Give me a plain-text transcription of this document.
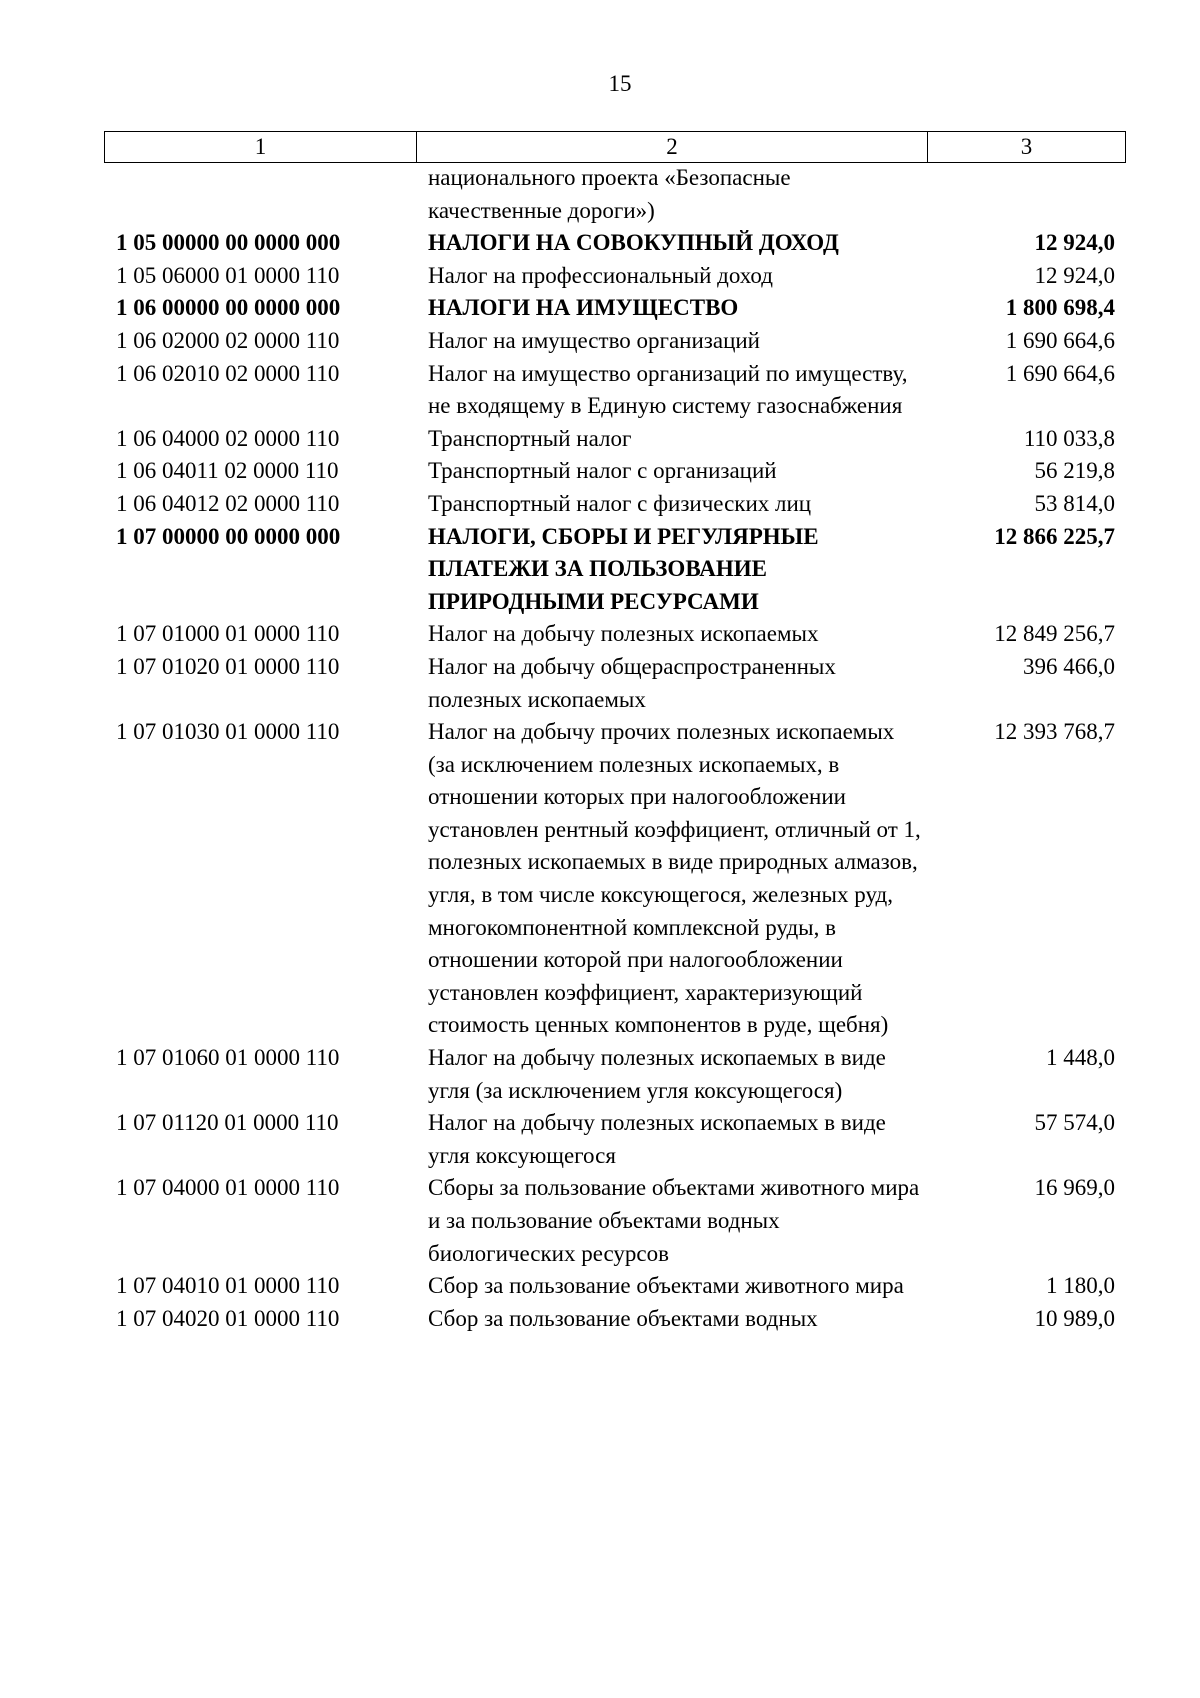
15
1	2	3
	национального проекта «Безопасные качественные дороги»)	
1 05 00000 00 0000 000	НАЛОГИ НА СОВОКУПНЫЙ ДОХОД	12 924,0
1 05 06000 01 0000 110	Налог на профессиональный доход	12 924,0
1 06 00000 00 0000 000	НАЛОГИ НА ИМУЩЕСТВО	1 800 698,4
1 06 02000 02 0000 110	Налог на имущество организаций	1 690 664,6
1 06 02010 02 0000 110	Налог на имущество организаций по имуществу, не входящему в Единую систему газоснабжения	1 690 664,6
1 06 04000 02 0000 110	Транспортный налог	110 033,8
1 06 04011 02 0000 110	Транспортный налог с организаций	56 219,8
1 06 04012 02 0000 110	Транспортный налог с физических лиц	53 814,0
1 07 00000 00 0000 000	НАЛОГИ, СБОРЫ И РЕГУЛЯРНЫЕ ПЛАТЕЖИ ЗА ПОЛЬЗОВАНИЕ ПРИРОДНЫМИ РЕСУРСАМИ	12 866 225,7
1 07 01000 01 0000 110	Налог на добычу полезных ископаемых	12 849 256,7
1 07 01020 01 0000 110	Налог на добычу общераспространенных полезных ископаемых	396 466,0
1 07 01030 01 0000 110	Налог на добычу прочих полезных ископаемых (за исключением полезных ископаемых, в отношении которых при налогообложении установлен рентный коэффициент, отличный от 1, полезных ископаемых в виде природных алмазов, угля, в том числе коксующегося, железных руд, многокомпонентной комплексной руды, в отношении которой при налогообложении установлен коэффициент, характеризующий стоимость ценных компонентов в руде, щебня)	12 393 768,7
1 07 01060 01 0000 110	Налог на добычу полезных ископаемых в виде угля (за исключением угля коксующегося)	1 448,0
1 07 01120 01 0000 110	Налог на добычу полезных ископаемых в виде угля коксующегося	57 574,0
1 07 04000 01 0000 110	Сборы за пользование объектами животного мира и за пользование объектами водных биологических ресурсов	16 969,0
1 07 04010 01 0000 110	Сбор за пользование объектами животного мира	1 180,0
1 07 04020 01 0000 110	Сбор за пользование объектами водных	10 989,0
